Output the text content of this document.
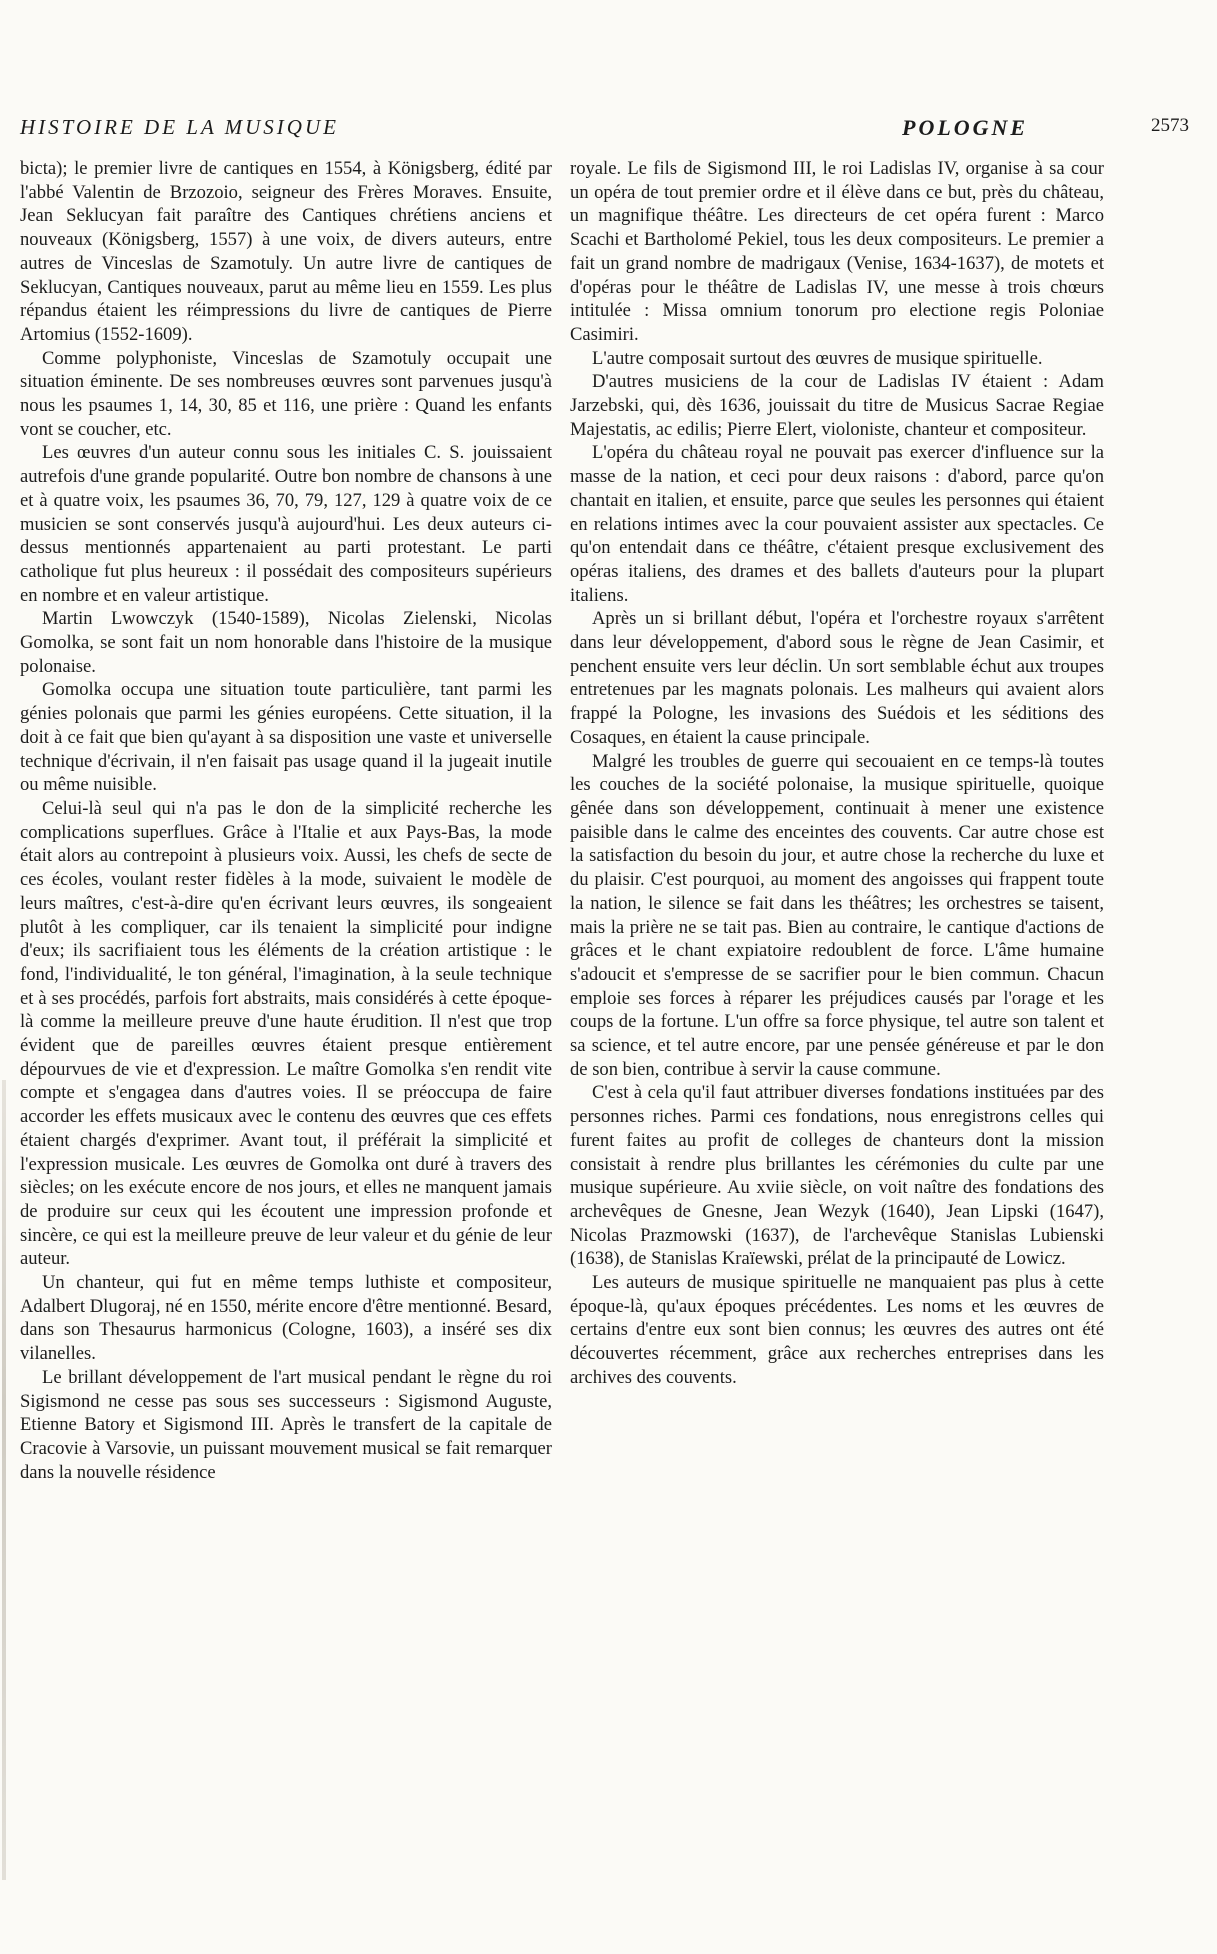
HISTOIRE DE LA MUSIQUE	POLOGNE	2573

bicta); le premier livre de cantiques en 1554, à Königsberg, édité par l'abbé Valentin de Brzozoio, seigneur des Frères Moraves. Ensuite, Jean Seklucyan fait paraître des Cantiques chrétiens anciens et nouveaux (Königsberg, 1557) à une voix, de divers auteurs, entre autres de Vinceslas de Szamotuly. Un autre livre de cantiques de Seklucyan, Cantiques nouveaux, parut au même lieu en 1559. Les plus répandus étaient les réimpressions du livre de cantiques de Pierre Artomius (1552-1609).

Comme polyphoniste, Vinceslas de Szamotuly occupait une situation éminente. De ses nombreuses œuvres sont parvenues jusqu'à nous les psaumes 1, 14, 30, 85 et 116, une prière : Quand les enfants vont se coucher, etc.

Les œuvres d'un auteur connu sous les initiales C. S. jouissaient autrefois d'une grande popularité. Outre bon nombre de chansons à une et à quatre voix, les psaumes 36, 70, 79, 127, 129 à quatre voix de ce musicien se sont conservés jusqu'à aujourd'hui. Les deux auteurs ci-dessus mentionnés appartenaient au parti protestant. Le parti catholique fut plus heureux : il possédait des compositeurs supérieurs en nombre et en valeur artistique.

Martin Lwowczyk (1540-1589), Nicolas Zielenski, Nicolas Gomolka, se sont fait un nom honorable dans l'histoire de la musique polonaise.

Gomolka occupa une situation toute particulière, tant parmi les génies polonais que parmi les génies européens. Cette situation, il la doit à ce fait que bien qu'ayant à sa disposition une vaste et universelle technique d'écrivain, il n'en faisait pas usage quand il la jugeait inutile ou même nuisible.

Celui-là seul qui n'a pas le don de la simplicité recherche les complications superflues. Grâce à l'Italie et aux Pays-Bas, la mode était alors au contrepoint à plusieurs voix. Aussi, les chefs de secte de ces écoles, voulant rester fidèles à la mode, suivaient le modèle de leurs maîtres, c'est-à-dire qu'en écrivant leurs œuvres, ils songeaient plutôt à les compliquer, car ils tenaient la simplicité pour indigne d'eux; ils sacrifiaient tous les éléments de la création artistique : le fond, l'individualité, le ton général, l'imagination, à la seule technique et à ses procédés, parfois fort abstraits, mais considérés à cette époque-là comme la meilleure preuve d'une haute érudition. Il n'est que trop évident que de pareilles œuvres étaient presque entièrement dépourvues de vie et d'expression. Le maître Gomolka s'en rendit vite compte et s'engagea dans d'autres voies. Il se préoccupa de faire accorder les effets musicaux avec le contenu des œuvres que ces effets étaient chargés d'exprimer. Avant tout, il préférait la simplicité et l'expression musicale. Les œuvres de Gomolka ont duré à travers des siècles; on les exécute encore de nos jours, et elles ne manquent jamais de produire sur ceux qui les écoutent une impression profonde et sincère, ce qui est la meilleure preuve de leur valeur et du génie de leur auteur.

Un chanteur, qui fut en même temps luthiste et compositeur, Adalbert Dlugoraj, né en 1550, mérite encore d'être mentionné. Besard, dans son Thesaurus harmonicus (Cologne, 1603), a inséré ses dix vilanelles.

Le brillant développement de l'art musical pendant le règne du roi Sigismond ne cesse pas sous ses successeurs : Sigismond Auguste, Etienne Batory et Sigismond III. Après le transfert de la capitale de Cracovie à Varsovie, un puissant mouvement musical se fait remarquer dans la nouvelle résidence

royale. Le fils de Sigismond III, le roi Ladislas IV, organise à sa cour un opéra de tout premier ordre et il élève dans ce but, près du château, un magnifique théâtre. Les directeurs de cet opéra furent : Marco Scachi et Bartholomé Pekiel, tous les deux compositeurs. Le premier a fait un grand nombre de madrigaux (Venise, 1634-1637), de motets et d'opéras pour le théâtre de Ladislas IV, une messe à trois chœurs intitulée : Missa omnium tonorum pro electione regis Poloniae Casimiri.

L'autre composait surtout des œuvres de musique spirituelle.

D'autres musiciens de la cour de Ladislas IV étaient : Adam Jarzebski, qui, dès 1636, jouissait du titre de Musicus Sacrae Regiae Majestatis, ac edilis; Pierre Elert, violoniste, chanteur et compositeur.

L'opéra du château royal ne pouvait pas exercer d'influence sur la masse de la nation, et ceci pour deux raisons : d'abord, parce qu'on chantait en italien, et ensuite, parce que seules les personnes qui étaient en relations intimes avec la cour pouvaient assister aux spectacles. Ce qu'on entendait dans ce théâtre, c'étaient presque exclusivement des opéras italiens, des drames et des ballets d'auteurs pour la plupart italiens.

Après un si brillant début, l'opéra et l'orchestre royaux s'arrêtent dans leur développement, d'abord sous le règne de Jean Casimir, et penchent ensuite vers leur déclin. Un sort semblable échut aux troupes entretenues par les magnats polonais. Les malheurs qui avaient alors frappé la Pologne, les invasions des Suédois et les séditions des Cosaques, en étaient la cause principale.

Malgré les troubles de guerre qui secouaient en ce temps-là toutes les couches de la société polonaise, la musique spirituelle, quoique gênée dans son développement, continuait à mener une existence paisible dans le calme des enceintes des couvents. Car autre chose est la satisfaction du besoin du jour, et autre chose la recherche du luxe et du plaisir. C'est pourquoi, au moment des angoisses qui frappent toute la nation, le silence se fait dans les théâtres; les orchestres se taisent, mais la prière ne se tait pas. Bien au contraire, le cantique d'actions de grâces et le chant expiatoire redoublent de force. L'âme humaine s'adoucit et s'empresse de se sacrifier pour le bien commun. Chacun emploie ses forces à réparer les préjudices causés par l'orage et les coups de la fortune. L'un offre sa force physique, tel autre son talent et sa science, et tel autre encore, par une pensée généreuse et par le don de son bien, contribue à servir la cause commune.

C'est à cela qu'il faut attribuer diverses fondations instituées par des personnes riches. Parmi ces fondations, nous enregistrons celles qui furent faites au profit de colleges de chanteurs dont la mission consistait à rendre plus brillantes les cérémonies du culte par une musique supérieure. Au xviie siècle, on voit naître des fondations des archevêques de Gnesne, Jean Wezyk (1640), Jean Lipski (1647), Nicolas Prazmowski (1637), de l'archevêque Stanislas Lubienski (1638), de Stanislas Kraïewski, prélat de la principauté de Lowicz.

Les auteurs de musique spirituelle ne manquaient pas plus à cette époque-là, qu'aux époques précédentes. Les noms et les œuvres de certains d'entre eux sont bien connus; les œuvres des autres ont été découvertes récemment, grâce aux recherches entreprises dans les archives des couvents.
